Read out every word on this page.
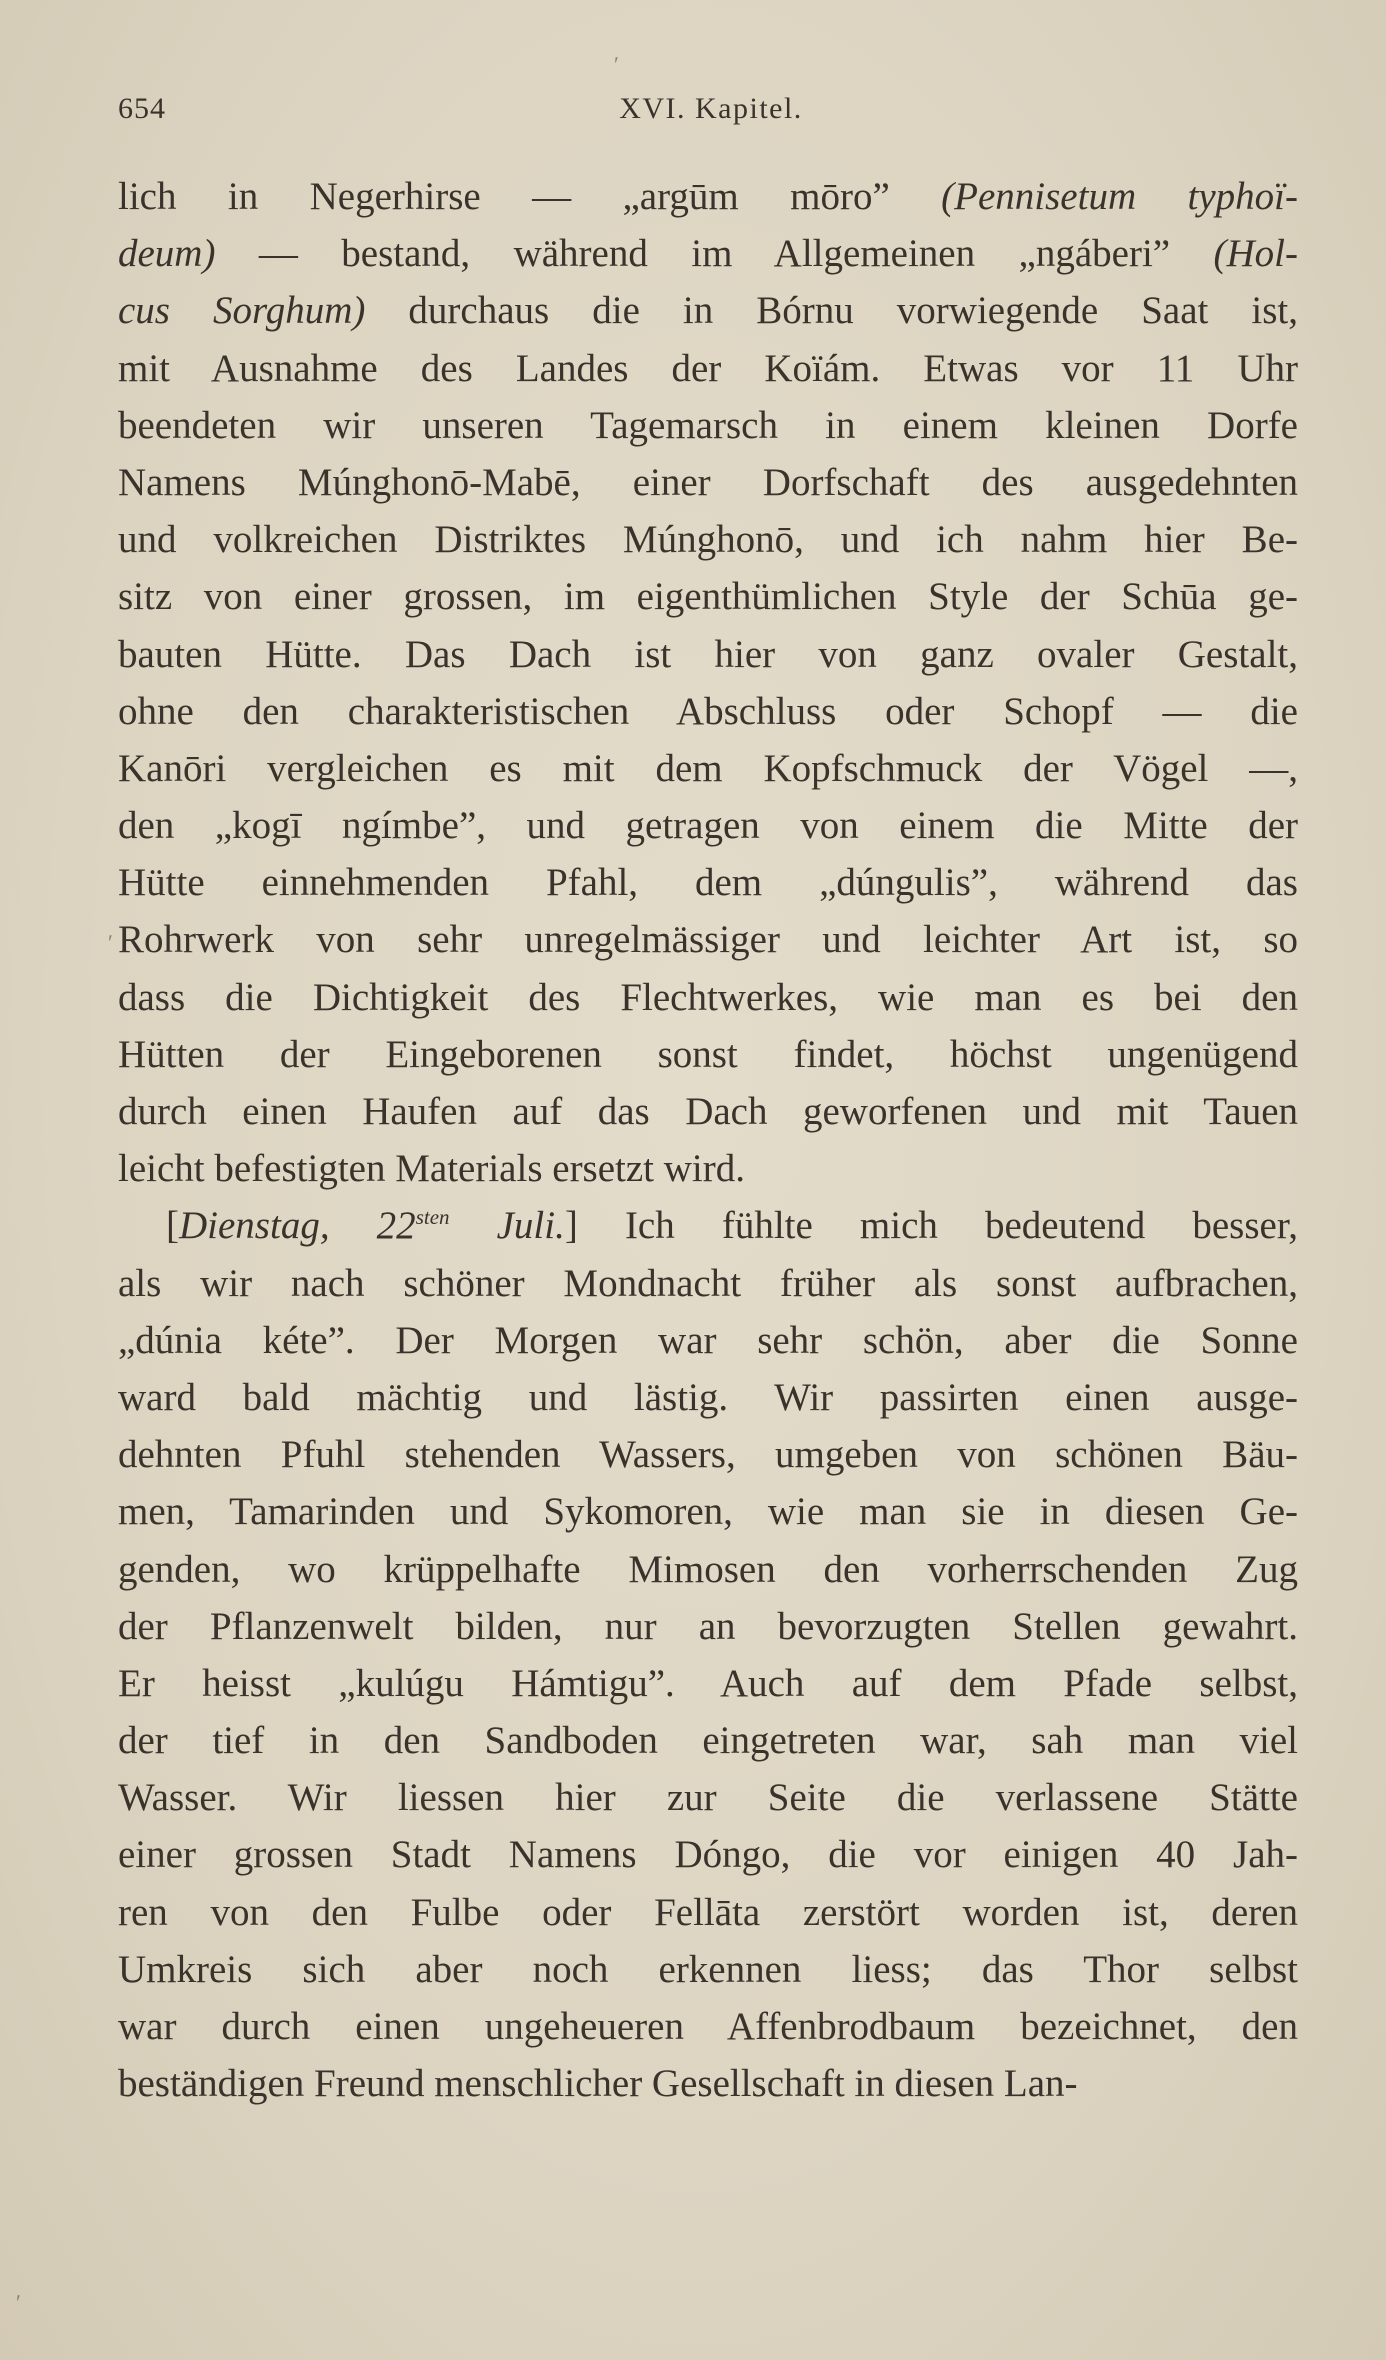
654	XVI. Kapitel.
lich in Negerhirse — „argūm mōro” (Pennisetum typhoï-
deum) — bestand, während im Allgemeinen „ngáberi” (Hol-
cus Sorghum) durchaus die in Bórnu vorwiegende Saat ist,
mit Ausnahme des Landes der Koïám. Etwas vor 11 Uhr
beendeten wir unseren Tagemarsch in einem kleinen Dorfe
Namens Múnghonō-Mabē, einer Dorfschaft des ausgedehnten
und volkreichen Distriktes Múnghonō, und ich nahm hier Be-
sitz von einer grossen, im eigenthümlichen Style der Schūa ge-
bauten Hütte. Das Dach ist hier von ganz ovaler Gestalt,
ohne den charakteristischen Abschluss oder Schopf — die
Kanōri vergleichen es mit dem Kopfschmuck der Vögel —,
den „kogī ngímbe”, und getragen von einem die Mitte der
Hütte einnehmenden Pfahl, dem „dúngulis”, während das
Rohrwerk von sehr unregelmässiger und leichter Art ist, so
dass die Dichtigkeit des Flechtwerkes, wie man es bei den
Hütten der Eingeborenen sonst findet, höchst ungenügend
durch einen Haufen auf das Dach geworfenen und mit Tauen
leicht befestigten Materials ersetzt wird.
[Dienstag, $22^{sten}$ Juli.] Ich fühlte mich bedeutend besser,
als wir nach schöner Mondnacht früher als sonst aufbrachen,
„dúnia kéte”. Der Morgen war sehr schön, aber die Sonne
ward bald mächtig und lästig. Wir passirten einen ausge-
dehnten Pfuhl stehenden Wassers, umgeben von schönen Bäu-
men, Tamarinden und Sykomoren, wie man sie in diesen Ge-
genden, wo krüppelhafte Mimosen den vorherrschenden Zug
der Pflanzenwelt bilden, nur an bevorzugten Stellen gewahrt.
Er heisst „kulúgu Hámtigu”. Auch auf dem Pfade selbst,
der tief in den Sandboden eingetreten war, sah man viel
Wasser. Wir liessen hier zur Seite die verlassene Stätte
einer grossen Stadt Namens Dóngo, die vor einigen 40 Jah-
ren von den Fulbe oder Fellāta zerstört worden ist, deren
Umkreis sich aber noch erkennen liess; das Thor selbst
war durch einen ungeheueren Affenbrodbaum bezeichnet, den
beständigen Freund menschlicher Gesellschaft in diesen Lan-
ʹ
ʹ
ʹ
